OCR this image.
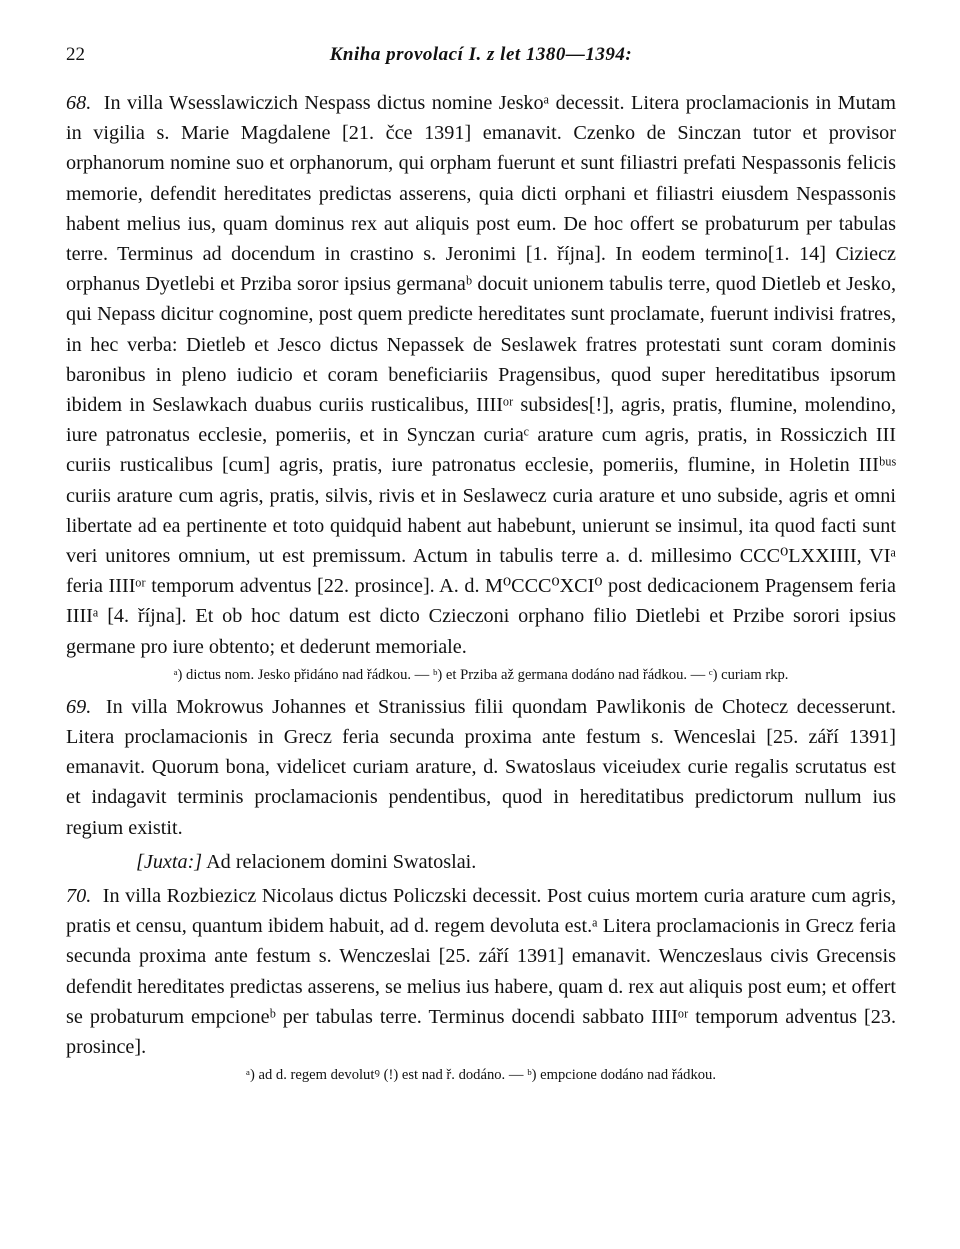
22	Kniha provolací I. z let 1380—1394:

68. In villa Wsesslawiczich Nespass dictus nomine Jeskoᵃ decessit. Litera proclamacionis in Mutam in vigilia s. Marie Magdalene [21. čce 1391] emanavit. Czenko de Sinczan tutor et provisor orphanorum nomine suo et orphanorum, qui orpham fuerunt et sunt filiastri prefati Nespassonis felicis memorie, defendit hereditates predictas asserens, quia dicti orphani et filiastri eiusdem Nespassonis habent melius ius, quam dominus rex aut aliquis post eum. De hoc offert se probaturum per tabulas terre. Terminus ad docendum in crastino s. Jeronimi [1. října]. In eodem termino[1. 14] Ciziecz orphanus Dyetlebi et Prziba soror ipsius germanaᵇ docuit unionem tabulis terre, quod Dietleb et Jesko, qui Nepass dicitur cognomine, post quem predicte hereditates sunt proclamate, fuerunt indivisi fratres, in hec verba: Dietleb et Jesco dictus Nepassek de Seslawek fratres protestati sunt coram dominis baronibus in pleno iudicio et coram beneficiariis Pragensibus, quod super hereditatibus ipsorum ibidem in Seslawkach duabus curiis rusticalibus, IIIIᵒʳ subsides[!], agris, pratis, flumine, molendino, iure patronatus ecclesie, pomeriis, et in Synczan curiaᶜ arature cum agris, pratis, in Rossiczich III curiis rusticalibus [cum] agris, pratis, iure patronatus ecclesie, pomeriis, flumine, in Holetin IIIᵇᵘˢ curiis arature cum agris, pratis, silvis, rivis et in Seslawecz curia arature et uno subside, agris et omni libertate ad ea pertinente et toto quidquid habent aut habebunt, unierunt se insimul, ita quod facti sunt veri unitores omnium, ut est premissum. Actum in tabulis terre a. d. millesimo CCC⁰LXXIIII, VIᵃ feria IIIIᵒʳ temporum adventus [22. prosince]. A. d. M⁰CCC⁰XCI⁰ post dedicacionem Pragensem feria IIIIᵃ [4. října]. Et ob hoc datum est dicto Czieczoni orphano filio Dietlebi et Przibe sorori ipsius germane pro iure obtento; et dederunt memoriale.

ᵃ) dictus nom. Jesko přidáno nad řádkou. — ᵇ) et Prziba až germana dodáno nad řádkou. — ᶜ) curiam rkp.

69. In villa Mokrowus Johannes et Stranissius filii quondam Pawlikonis de Chotecz decesserunt. Litera proclamacionis in Grecz feria secunda proxima ante festum s. Wenceslai [25. září 1391] emanavit. Quorum bona, videlicet curiam arature, d. Swatoslaus viceiudex curie regalis scrutatus est et indagavit terminis proclamacionis pendentibus, quod in hereditatibus predictorum nullum ius regium existit.

[Juxta:] Ad relacionem domini Swatoslai.

70. In villa Rozbiezicz Nicolaus dictus Policzski decessit. Post cuius mortem curia arature cum agris, pratis et censu, quantum ibidem habuit, ad d. regem devoluta est.ᵃ Litera proclamacionis in Grecz feria secunda proxima ante festum s. Wenczeslai [25. září 1391] emanavit. Wenczeslaus civis Grecensis defendit hereditates predictas asserens, se melius ius habere, quam d. rex aut aliquis post eum; et offert se probaturum empcioneᵇ per tabulas terre. Terminus docendi sabbato IIIIᵒʳ temporum adventus [23. prosince].

ᵃ) ad d. regem devolutꝰ (!) est nad ř. dodáno. — ᵇ) empcione dodáno nad řádkou.
